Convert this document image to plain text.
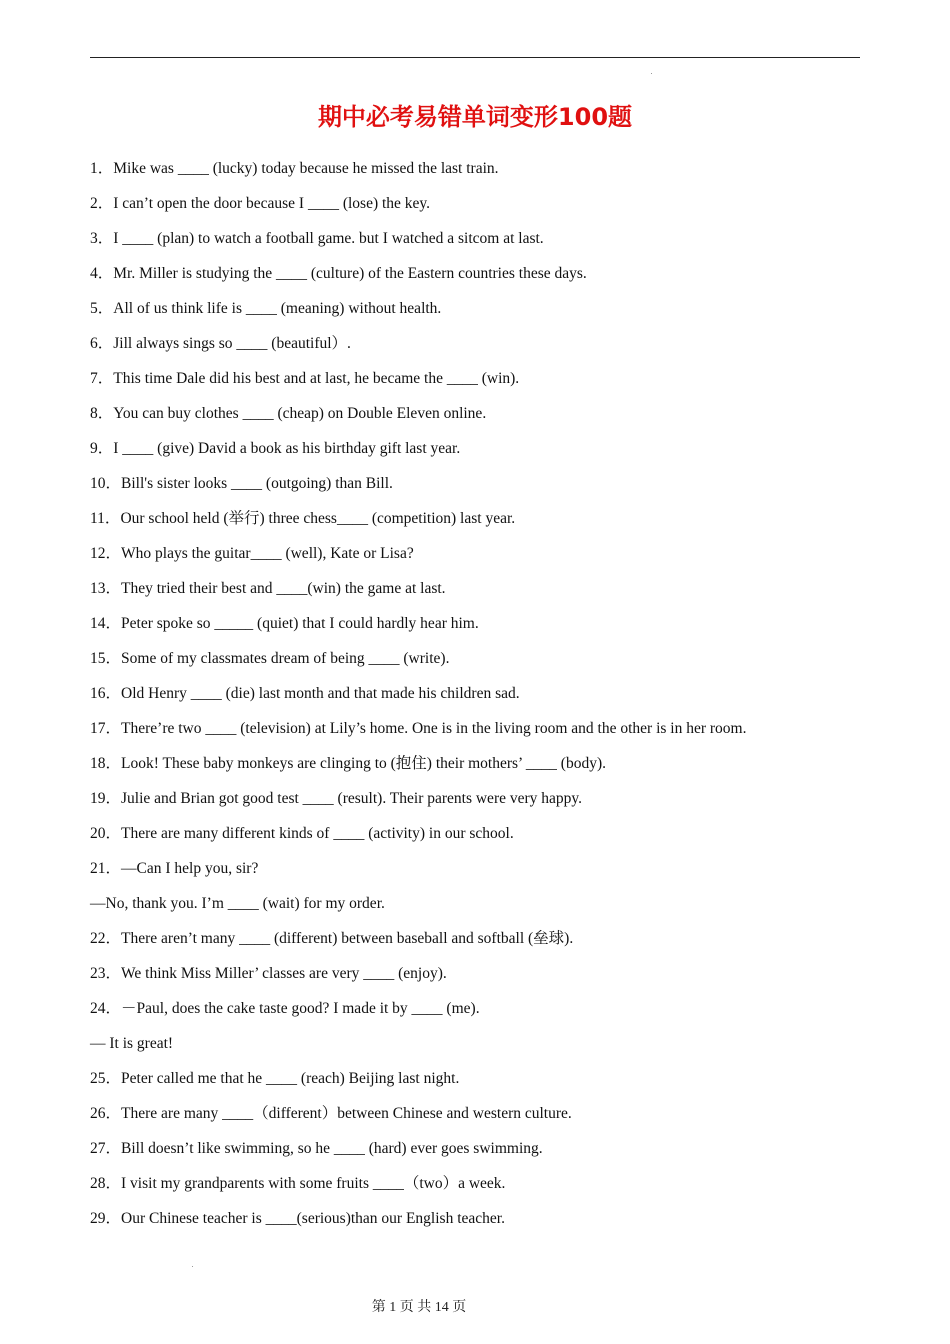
期中必考易错单词变形100题
1．Mike was ____ (lucky) today because he missed the last train.
2．I can’t open the door because I ____ (lose) the key.
3．I ____ (plan) to watch a football game. but I watched a sitcom at last.
4．Mr. Miller is studying the ____ (culture) of the Eastern countries these days.
5．All of us think life is ____ (meaning) without health.
6．Jill always sings so ____ (beautiful）.
7．This time Dale did his best and at last, he became the ____ (win).
8．You can buy clothes ____ (cheap) on Double Eleven online.
9．I ____ (give) David a book as his birthday gift last year.
10．Bill's sister looks ____ (outgoing) than Bill.
11．Our school held (举行) three chess____ (competition) last year.
12．Who plays the guitar____ (well), Kate or Lisa?
13．They tried their best and ____(win) the game at last.
14．Peter spoke so _____ (quiet) that I could hardly hear him.
15．Some of my classmates dream of being ____ (write).
16．Old Henry ____ (die) last month and that made his children sad.
17．There’re two ____ (television) at Lily’s home. One is in the living room and the other is in her room.
18．Look! These baby monkeys are clinging to (抱住) their mothers’ ____ (body).
19．Julie and Brian got good test ____ (result). Their parents were very happy.
20．There are many different kinds of ____ (activity) in our school.
21．—Can I help you, sir?
—No, thank you. I’m ____ (wait) for my order.
22．There aren’t many ____ (different) between baseball and softball (垒球).
23．We think Miss Miller’ classes are very ____ (enjoy).
24．－Paul, does the cake taste good? I made it by ____ (me).
— It is great!
25．Peter called me that he ____ (reach) Beijing last night.
26．There are many ____（different）between Chinese and western culture.
27．Bill doesn’t like swimming, so he ____ (hard) ever goes swimming.
28．I visit my grandparents with some fruits ____（two）a week.
29．Our Chinese teacher is ____(serious)than our English teacher.
第 1 页 共 14 页
